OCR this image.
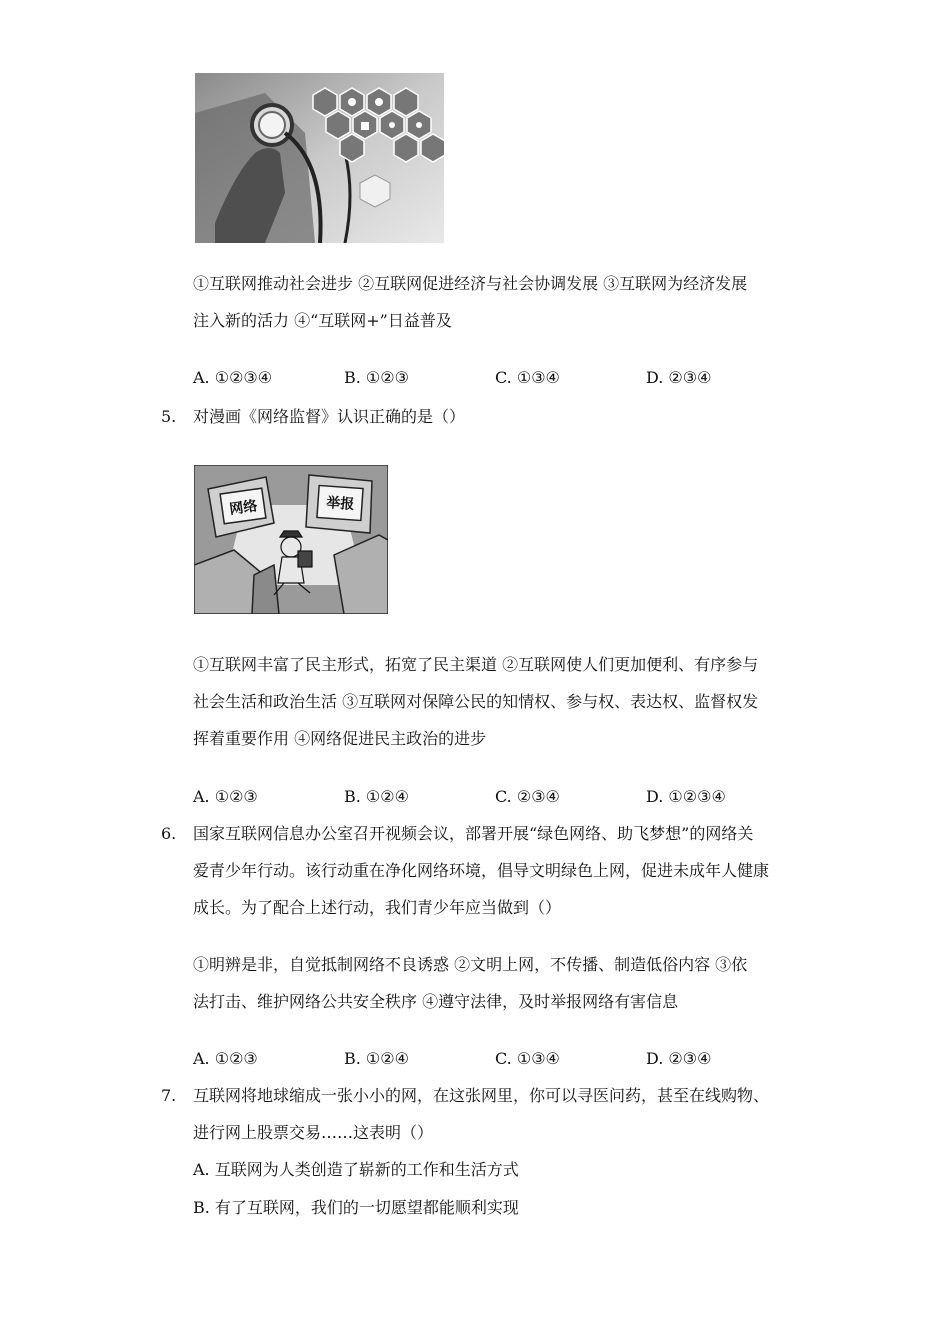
①互联网推动社会进步 ②互联网促进经济与社会协调发展 ③互联网为经济发展
注入新的活力 ④“互联网+”日益普及
A. ①②③④	B. ①②③	C. ①③④	D. ②③④
5. 对漫画《网络监督》认识正确的是（）
网络	举报
①互联网丰富了民主形式，拓宽了民主渠道 ②互联网使人们更加便利、有序参与
社会生活和政治生活 ③互联网对保障公民的知情权、参与权、表达权、监督权发
挥着重要作用 ④网络促进民主政治的进步
A. ①②③	B. ①②④	C. ②③④	D. ①②③④
6. 国家互联网信息办公室召开视频会议，部署开展“绿色网络、助飞梦想”的网络关
爱青少年行动。该行动重在净化网络环境，倡导文明绿色上网，促进未成年人健康
成长。为了配合上述行动，我们青少年应当做到（）
①明辨是非，自觉抵制网络不良诱惑 ②文明上网，不传播、制造低俗内容 ③依
法打击、维护网络公共安全秩序 ④遵守法律，及时举报网络有害信息
A. ①②③	B. ①②④	C. ①③④	D. ②③④
7. 互联网将地球缩成一张小小的网，在这张网里，你可以寻医问药，甚至在线购物、
进行网上股票交易……这表明（）
A. 互联网为人类创造了崭新的工作和生活方式
B. 有了互联网，我们的一切愿望都能顺利实现
